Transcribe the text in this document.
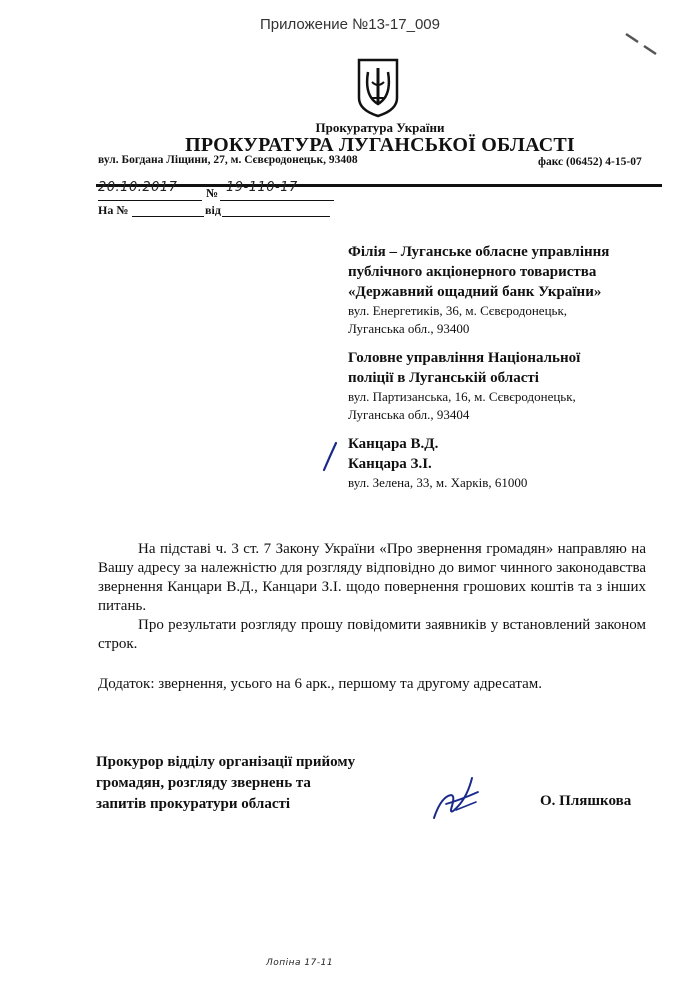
Приложение №13-17_009
Прокуратура України
ПРОКУРАТУРА ЛУГАНСЬКОЇ ОБЛАСТІ
вул. Богдана Ліщини, 27, м. Сєвєродонецьк, 93408	факс (06452) 4-15-07
20.10.2017 № 19-110-17
На №	від
Філія – Луганське обласне управління
публічного акціонерного товариства
«Державний ощадний банк України»
вул. Енергетиків, 36, м. Сєвєродонецьк,
Луганська обл., 93400
Головне управління Національної
поліції в Луганській області
вул. Партизанська, 16, м. Сєвєродонецьк,
Луганська обл., 93404
Канцара В.Д.
Канцара З.І.
вул. Зелена, 33, м. Харків, 61000

На підставі ч. 3 ст. 7 Закону України «Про звернення громадян» направляю на Вашу адресу за належністю для розгляду відповідно до вимог чинного законодавства звернення Канцари В.Д., Канцари З.І. щодо повернення грошових коштів та з інших питань.

Про результати розгляду прошу повідомити заявників у встановлений законом строк.

Додаток: звернення, усього на 6 арк., першому та другому адресатам.
Прокурор відділу організації прийому
громадян, розгляду звернень та
запитів прокуратури області	О. Пляшкова
Лопіна 17-11
